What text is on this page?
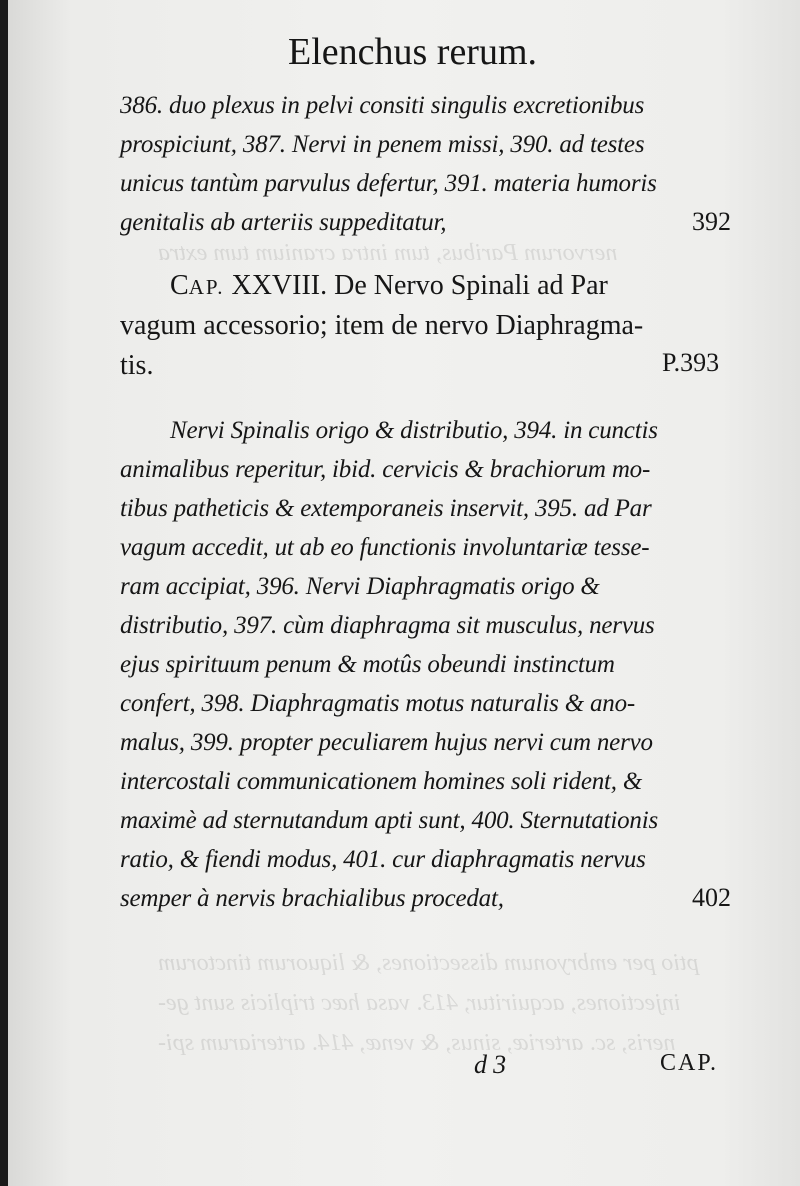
ptio per embryonum dissectiones, & liquorum tinctorum
injectiones, acquiritur, 413. vasa hæc triplicis sunt ge-
neris, sc. arteriæ, sinus, & venæ, 414. arteriarum spi-
nervorum Paribus, tum intra cranium tum extra
Elenchus rerum.
386. duo plexus in pelvi consiti singulis excretionibus
prospiciunt, 387. Nervi in penem missi, 390. ad testes
unicus tantùm parvulus defertur, 391. materia humoris
genitalis ab arteriis suppeditatur,	392
CAP. XXVIII. De Nervo Spinali ad Par
vagum accessorio; item de nervo Diaphragma-
tis.	P.393
Nervi Spinalis origo & distributio, 394. in cunctis
animalibus reperitur, ibid. cervicis & brachiorum mo-
tibus patheticis & extemporaneis inservit, 395. ad Par
vagum accedit, ut ab eo functionis involuntariæ tesse-
ram accipiat, 396. Nervi Diaphragmatis origo &
distributio, 397. cùm diaphragma sit musculus, nervus
ejus spirituum penum & motûs obeundi instinctum
confert, 398. Diaphragmatis motus naturalis & ano-
malus, 399. propter peculiarem hujus nervi cum nervo
intercostali communicationem homines soli rident, &
maximè ad sternutandum apti sunt, 400. Sternutationis
ratio, & fiendi modus, 401. cur diaphragmatis nervus
semper à nervis brachialibus procedat,	402
d 3	CAP.
